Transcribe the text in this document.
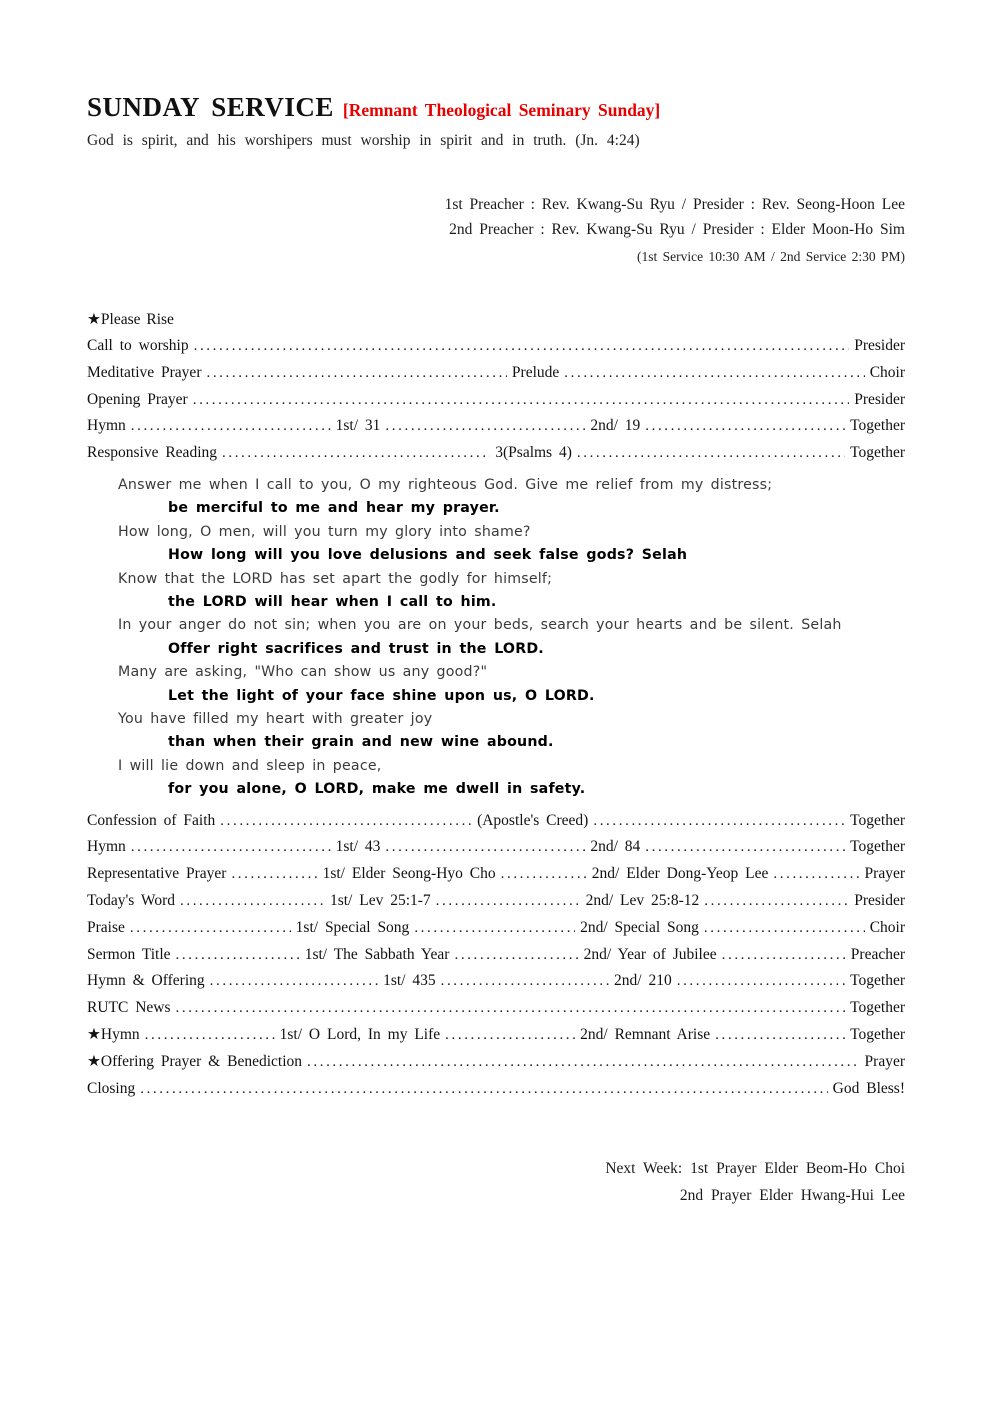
SUNDAY SERVICE [Remnant Theological Seminary Sunday]
God is spirit, and his worshipers must worship in spirit and in truth. (Jn. 4:24)
1st Preacher : Rev. Kwang-Su Ryu / Presider : Rev. Seong-Hoon Lee
2nd Preacher : Rev. Kwang-Su Ryu / Presider : Elder Moon-Ho Sim
(1st Service 10:30 AM / 2nd Service 2:30 PM)
★Please Rise
Call to worship .....	Presider
Meditative Prayer .....	Prelude .....	Choir
Opening Prayer .....	Presider
Hymn .....	1st/ 31 .....	2nd/ 19 .....	Together
Responsive Reading .....	3(Psalms 4) .....	Together
Answer me when I call to you, O my righteous God. Give me relief from my distress;
be merciful to me and hear my prayer.
How long, O men, will you turn my glory into shame?
How long will you love delusions and seek false gods? Selah
Know that the LORD has set apart the godly for himself;
the LORD will hear when I call to him.
In your anger do not sin; when you are on your beds, search your hearts and be silent. Selah
Offer right sacrifices and trust in the LORD.
Many are asking, "Who can show us any good?"
Let the light of your face shine upon us, O LORD.
You have filled my heart with greater joy
than when their grain and new wine abound.
I will lie down and sleep in peace,
for you alone, O LORD, make me dwell in safety.
Confession of Faith .....	(Apostle's Creed) .....	Together
Hymn .....	1st/ 43 .....	2nd/ 84 .....	Together
Representative Prayer .....	1st/ Elder Seong-Hyo Cho .....	2nd/ Elder Dong-Yeop Lee .....	Prayer
Today's Word .....	1st/ Lev 25:1-7 .....	2nd/ Lev 25:8-12 .....	Presider
Praise .....	1st/ Special Song .....	2nd/ Special Song .....	Choir
Sermon Title .....	1st/ The Sabbath Year .....	2nd/ Year of Jubilee .....	Preacher
Hymn & Offering .....	1st/ 435 .....	2nd/ 210 .....	Together
RUTC News .....	Together
★Hymn .....	1st/ O Lord, In my Life .....	2nd/ Remnant Arise .....	Together
★Offering Prayer & Benediction .....	Prayer
Closing .....	God Bless!
Next Week: 1st Prayer Elder Beom-Ho Choi
2nd Prayer Elder Hwang-Hui Lee
